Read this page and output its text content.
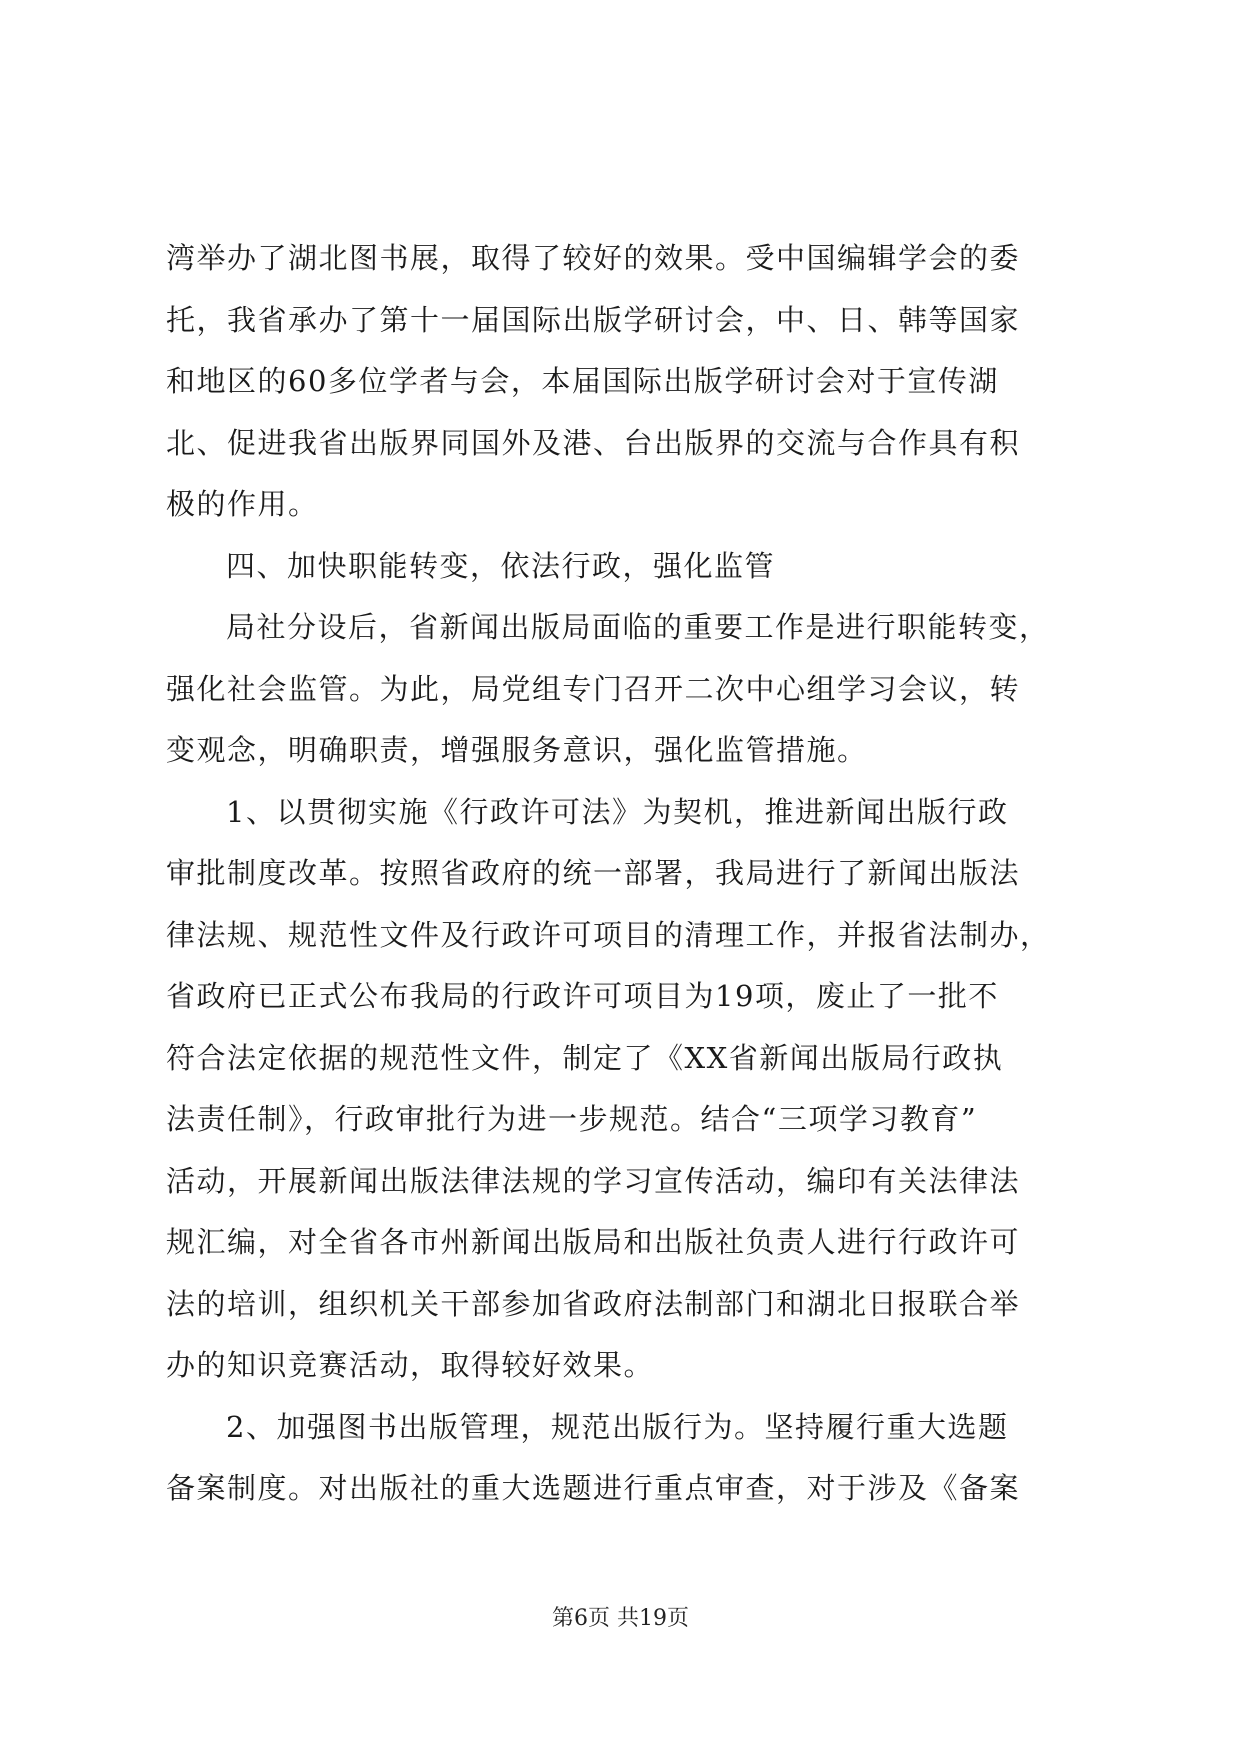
湾举办了湖北图书展，取得了较好的效果。受中国编辑学会的委
托，我省承办了第十一届国际出版学研讨会，中、日、韩等国家
和地区的60多位学者与会，本届国际出版学研讨会对于宣传湖
北、促进我省出版界同国外及港、台出版界的交流与合作具有积
极的作用。
四、加快职能转变，依法行政，强化监管
局社分设后，省新闻出版局面临的重要工作是进行职能转变，
强化社会监管。为此，局党组专门召开二次中心组学习会议，转
变观念，明确职责，增强服务意识，强化监管措施。
1、以贯彻实施《行政许可法》为契机，推进新闻出版行政
审批制度改革。按照省政府的统一部署，我局进行了新闻出版法
律法规、规范性文件及行政许可项目的清理工作，并报省法制办，
省政府已正式公布我局的行政许可项目为19项，废止了一批不
符合法定依据的规范性文件，制定了《XX省新闻出版局行政执
法责任制》，行政审批行为进一步规范。结合“三项学习教育”
活动，开展新闻出版法律法规的学习宣传活动，编印有关法律法
规汇编，对全省各市州新闻出版局和出版社负责人进行行政许可
法的培训，组织机关干部参加省政府法制部门和湖北日报联合举
办的知识竞赛活动，取得较好效果。
2、加强图书出版管理，规范出版行为。坚持履行重大选题
备案制度。对出版社的重大选题进行重点审查，对于涉及《备案
第6页 共19页
